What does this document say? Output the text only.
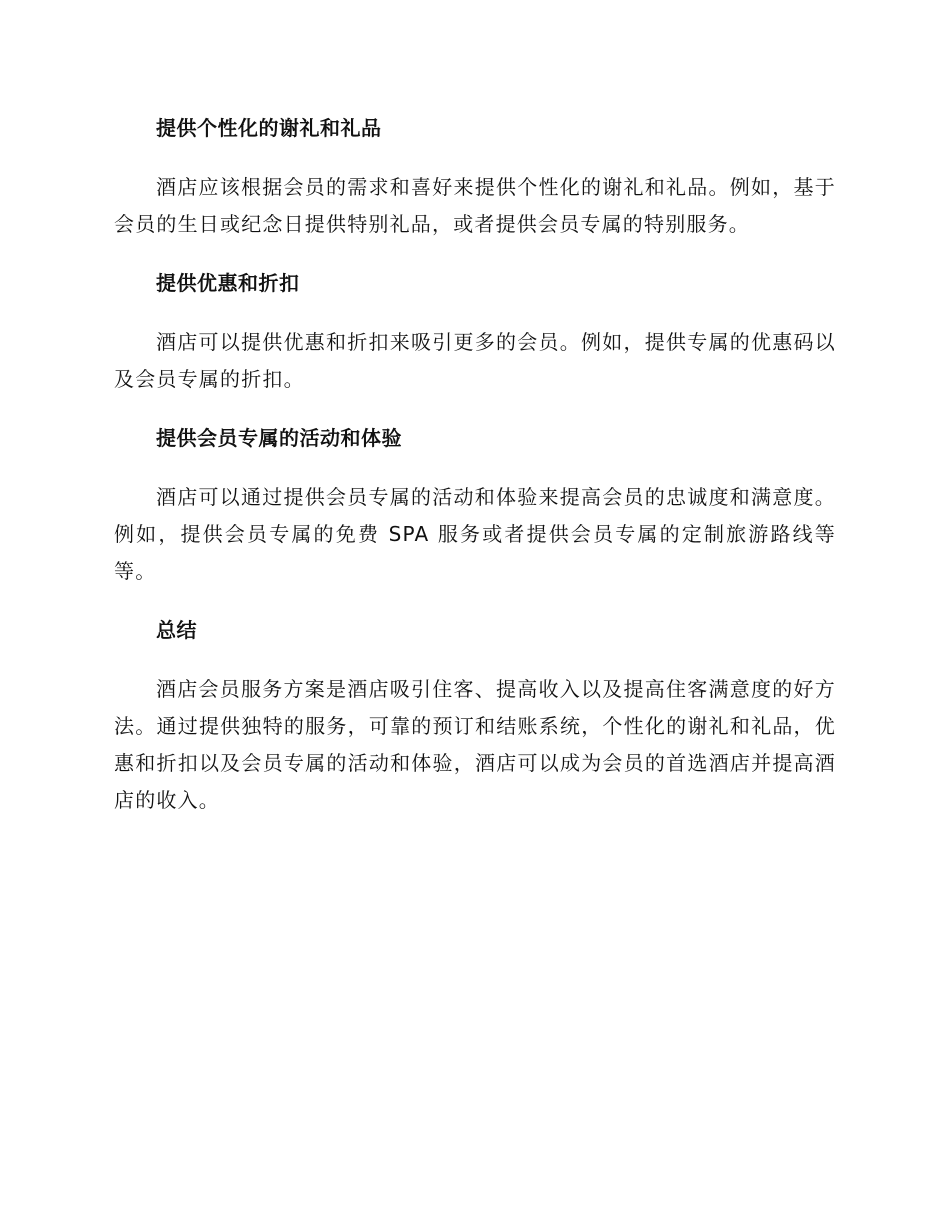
提供个性化的谢礼和礼品

酒店应该根据会员的需求和喜好来提供个性化的谢礼和礼品。例如，基于会员的生日或纪念日提供特别礼品，或者提供会员专属的特别服务。

提供优惠和折扣

酒店可以提供优惠和折扣来吸引更多的会员。例如，提供专属的优惠码以及会员专属的折扣。

提供会员专属的活动和体验

酒店可以通过提供会员专属的活动和体验来提高会员的忠诚度和满意度。例如，提供会员专属的免费 SPA 服务或者提供会员专属的定制旅游路线等等。

总结

酒店会员服务方案是酒店吸引住客、提高收入以及提高住客满意度的好方法。通过提供独特的服务，可靠的预订和结账系统，个性化的谢礼和礼品，优惠和折扣以及会员专属的活动和体验，酒店可以成为会员的首选酒店并提高酒店的收入。
